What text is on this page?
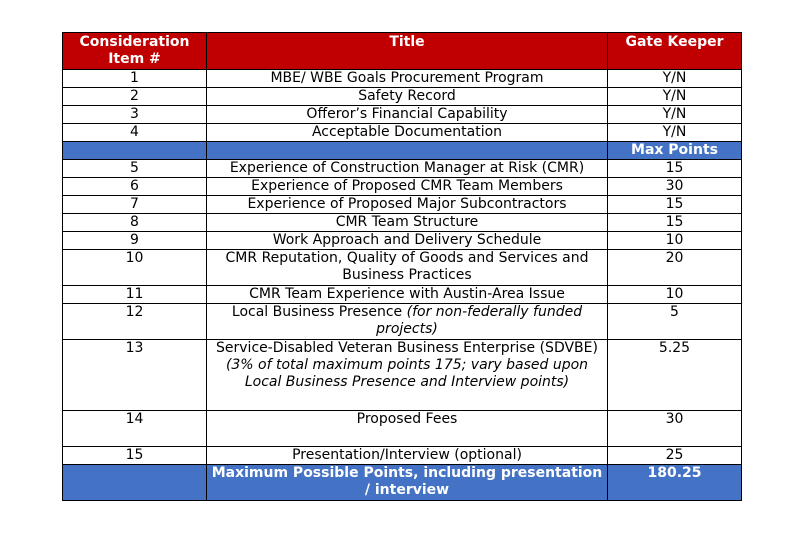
Consideration Item #	Title	Gate Keeper
1	MBE/ WBE Goals Procurement Program	Y/N
2	Safety Record	Y/N
3	Offeror’s Financial Capability	Y/N
4	Acceptable Documentation	Y/N
		Max Points
5	Experience of Construction Manager at Risk (CMR)	15
6	Experience of Proposed CMR Team Members	30
7	Experience of Proposed Major Subcontractors	15
8	CMR Team Structure	15
9	Work Approach and Delivery Schedule	10
10	CMR Reputation, Quality of Goods and Services and Business Practices	20
11	CMR Team Experience with Austin-Area Issue	10
12	Local Business Presence (for non-federally funded projects)	5
13	Service-Disabled Veteran Business Enterprise (SDVBE) (3% of total maximum points 175; vary based upon Local Business Presence and Interview points)	5.25
14	Proposed Fees	30
15	Presentation/Interview (optional)	25
	Maximum Possible Points, including presentation / interview	180.25
